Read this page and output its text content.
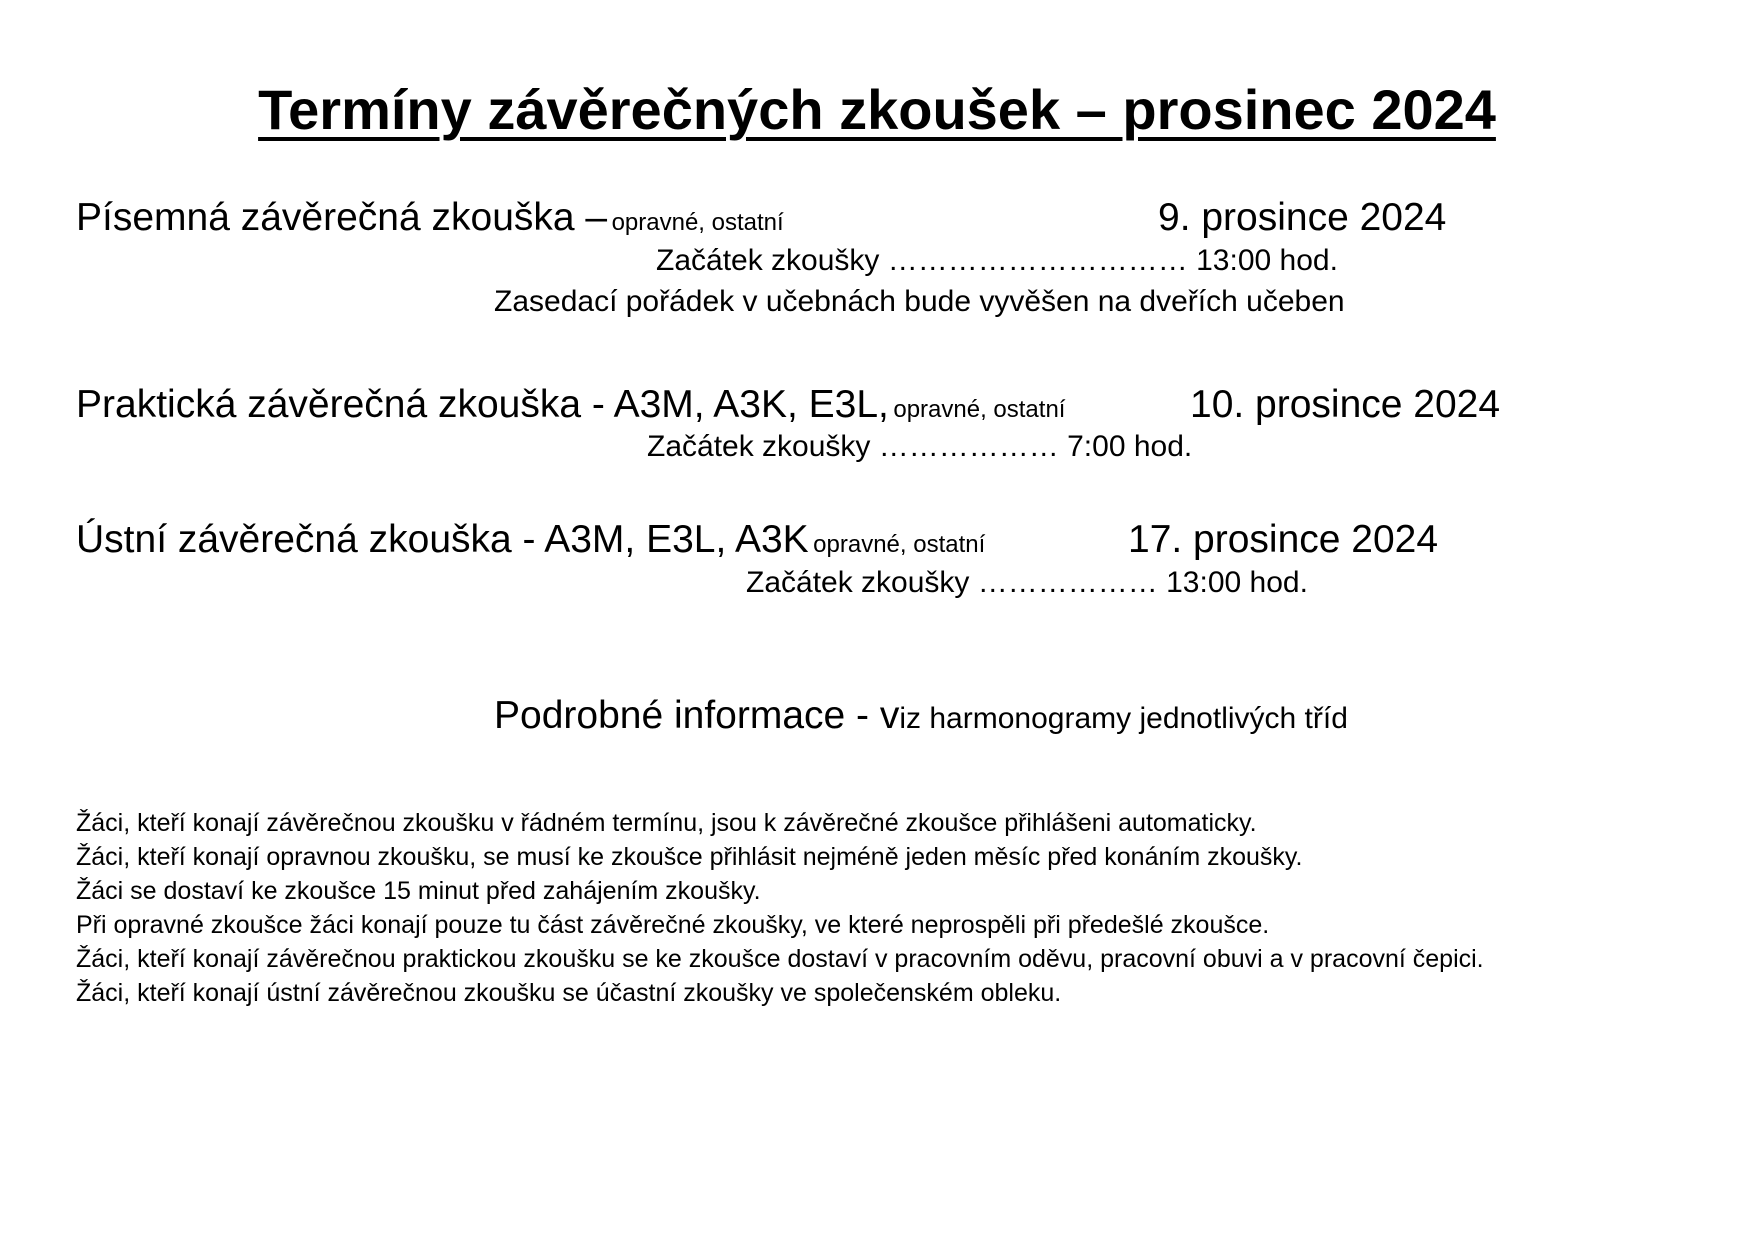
Termíny závěrečných zkoušek – prosinec 2024
Písemná závěrečná zkouška – opravné, ostatní	9. prosince 2024
Začátek zkoušky ………………………… 13:00 hod.
Zasedací pořádek v učebnách bude vyvěšen na dveřích učeben
Praktická závěrečná zkouška - A3M, A3K, E3L, opravné, ostatní	10. prosince 2024
Začátek zkoušky ……………… 7:00 hod.
Ústní závěrečná zkouška - A3M, E3L, A3K opravné, ostatní	17. prosince 2024
Začátek zkoušky ……………… 13:00 hod.
Podrobné informace - viz harmonogramy jednotlivých tříd

Žáci, kteří konají závěrečnou zkoušku v řádném termínu, jsou k závěrečné zkoušce přihlášeni automaticky.

Žáci, kteří konají opravnou zkoušku, se musí ke zkoušce přihlásit nejméně jeden měsíc před konáním zkoušky.

Žáci se dostaví ke zkoušce 15 minut před zahájením zkoušky.

Při opravné zkoušce žáci konají pouze tu část závěrečné zkoušky, ve které neprospěli při předešlé zkoušce.

Žáci, kteří konají závěrečnou praktickou zkoušku se ke zkoušce dostaví v pracovním oděvu, pracovní obuvi a v pracovní čepici.

Žáci, kteří konají ústní závěrečnou zkoušku se účastní zkoušky ve společenském obleku.
